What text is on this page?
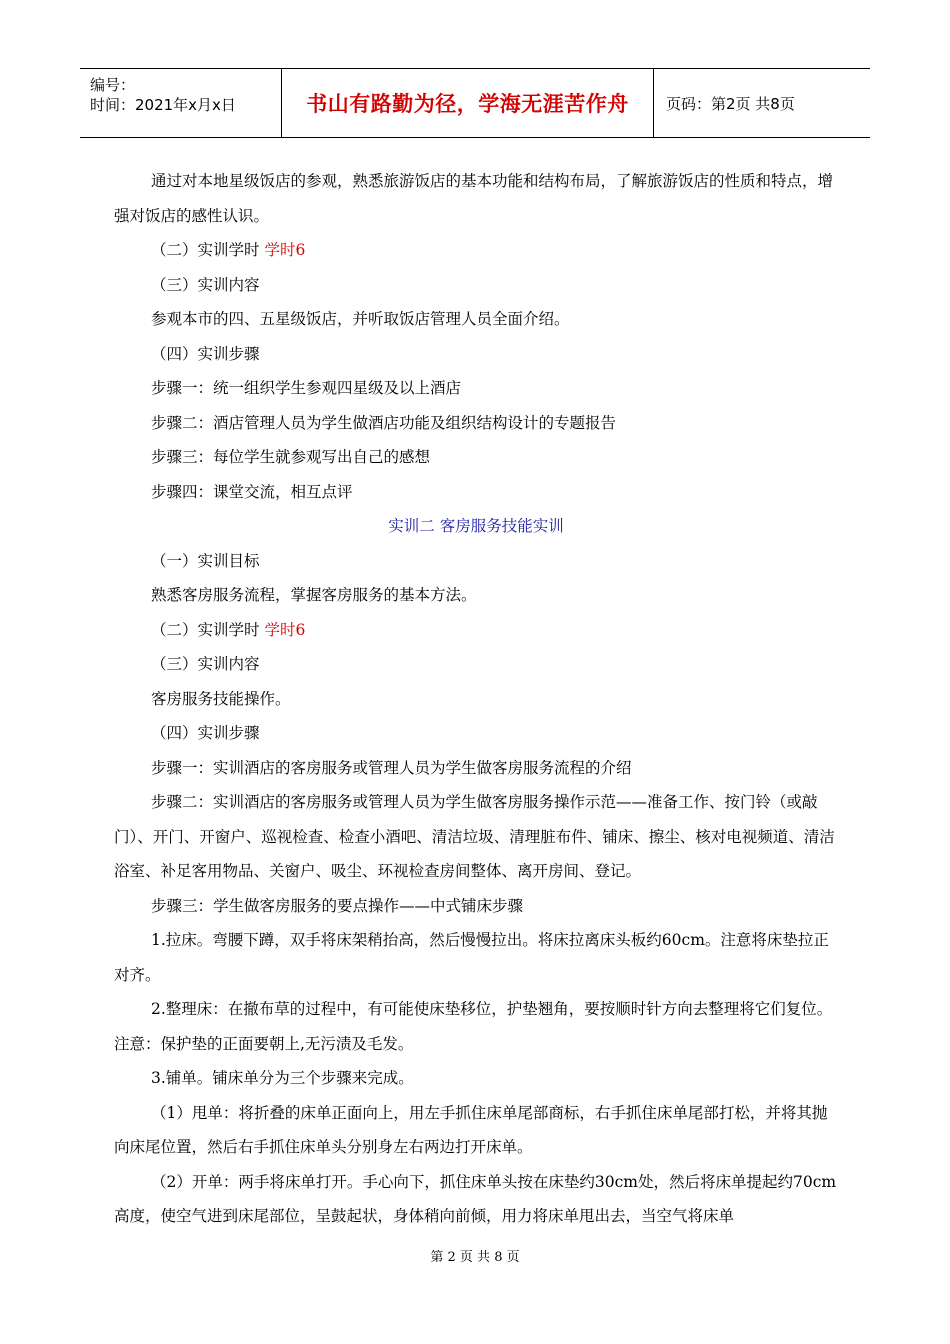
编号：
时间：2021年x月x日	书山有路勤为径，学海无涯苦作舟	页码：第2页 共8页

通过对本地星级饭店的参观，熟悉旅游饭店的基本功能和结构布局，了解旅游饭店的性质和特点，增强对饭店的感性认识。

（二）实训学时 学时6

（三）实训内容

参观本市的四、五星级饭店，并听取饭店管理人员全面介绍。

（四）实训步骤

步骤一：统一组织学生参观四星级及以上酒店

步骤二：酒店管理人员为学生做酒店功能及组织结构设计的专题报告

步骤三：每位学生就参观写出自己的感想

步骤四：课堂交流，相互点评

实训二 客房服务技能实训

（一）实训目标

熟悉客房服务流程，掌握客房服务的基本方法。

（二）实训学时 学时6

（三）实训内容

客房服务技能操作。

（四）实训步骤

步骤一：实训酒店的客房服务或管理人员为学生做客房服务流程的介绍

步骤二：实训酒店的客房服务或管理人员为学生做客房服务操作示范——准备工作、按门铃（或敲门）、开门、开窗户、巡视检查、检查小酒吧、清洁垃圾、清理脏布件、铺床、擦尘、核对电视频道、清洁浴室、补足客用物品、关窗户、吸尘、环视检查房间整体、离开房间、登记。

步骤三：学生做客房服务的要点操作——中式铺床步骤

1.拉床。弯腰下蹲，双手将床架稍抬高，然后慢慢拉出。将床拉离床头板约60cm。注意将床垫拉正对齐。

2.整理床：在撤布草的过程中，有可能使床垫移位，护垫翘角，要按顺时针方向去整理将它们复位。注意：保护垫的正面要朝上,无污渍及毛发。

3.铺单。铺床单分为三个步骤来完成。

（1）甩单：将折叠的床单正面向上，用左手抓住床单尾部商标，右手抓住床单尾部打松，并将其抛向床尾位置，然后右手抓住床单头分别身左右两边打开床单。

（2）开单：两手将床单打开。手心向下，抓住床单头按在床垫约30cm处，然后将床单提起约70cm高度，使空气进到床尾部位，呈鼓起状，身体稍向前倾，用力将床单甩出去，当空气将床单

第 2 页 共 8 页
